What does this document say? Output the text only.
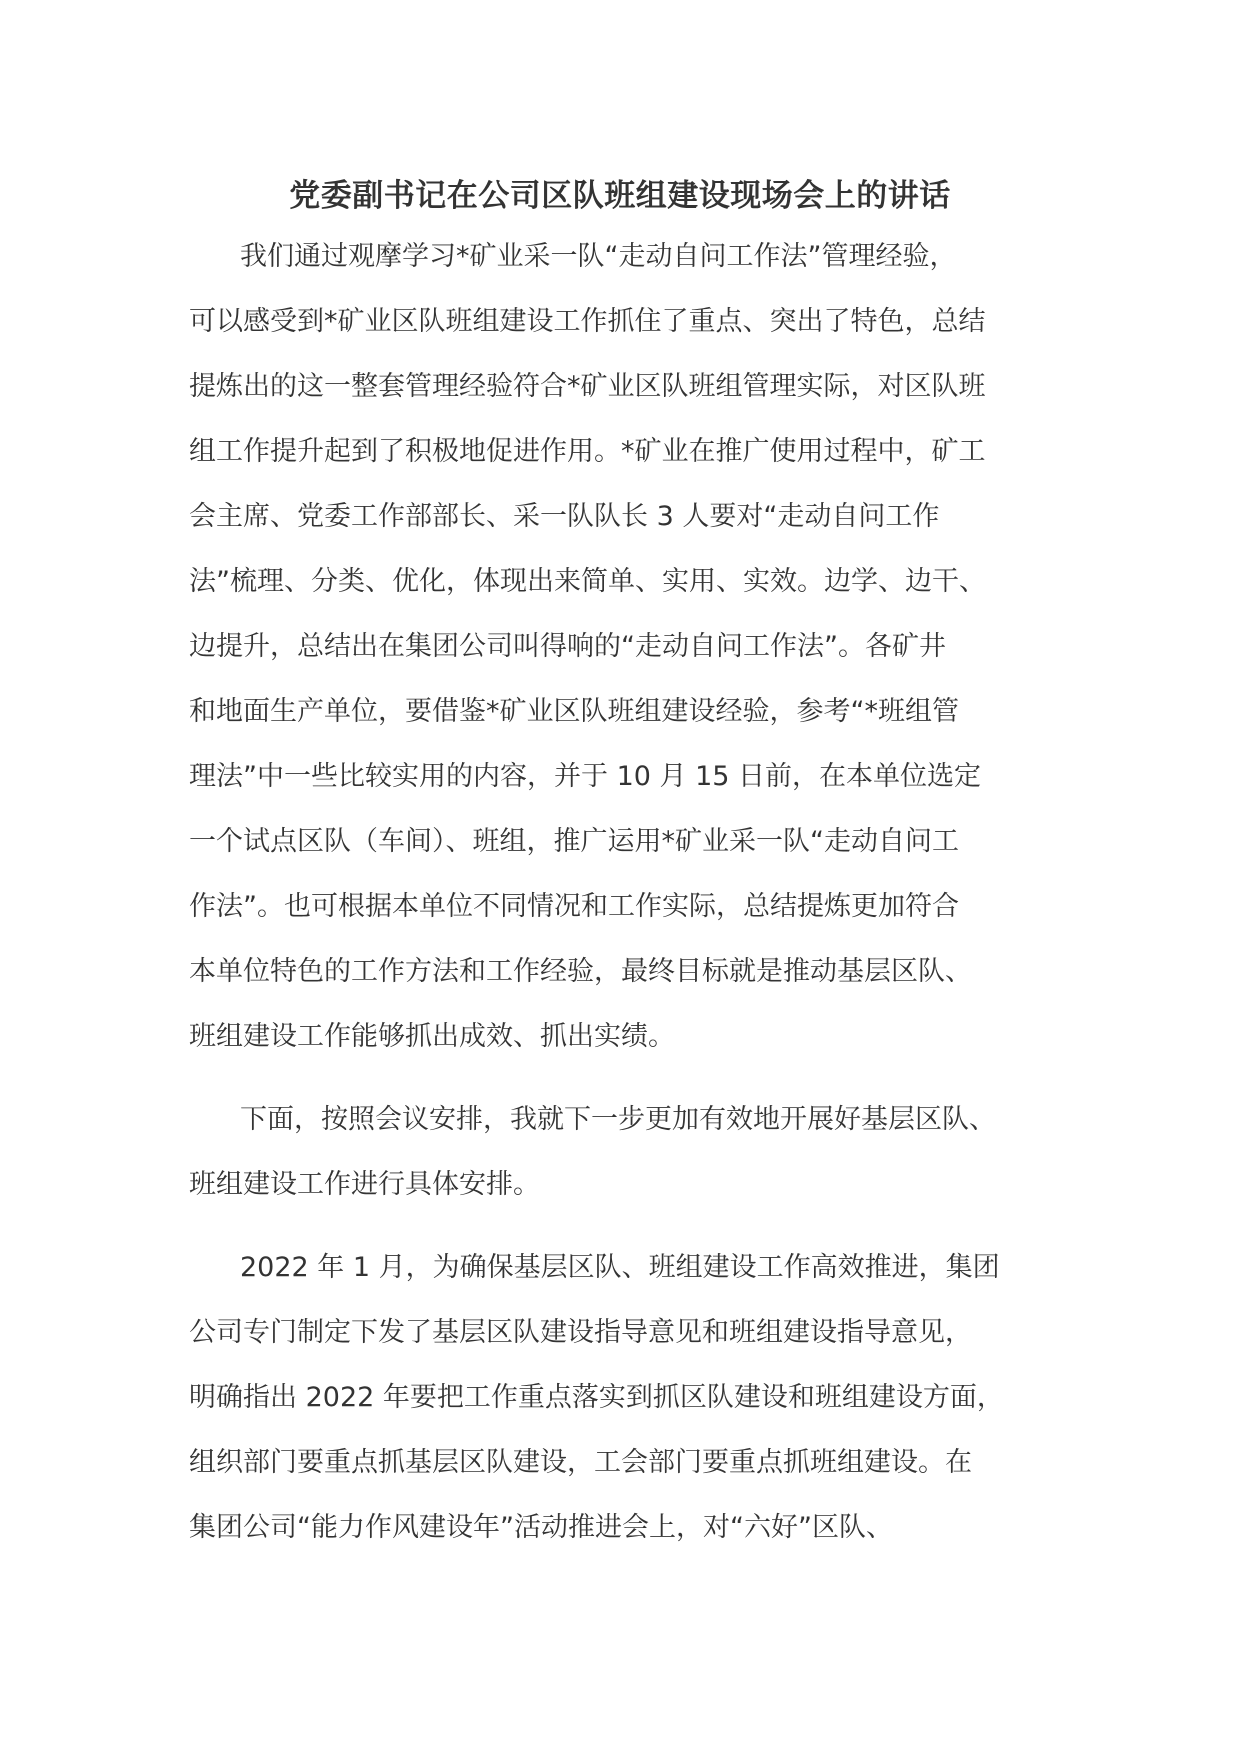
党委副书记在公司区队班组建设现场会上的讲话

我们通过观摩学习*矿业采一队“走动自问工作法”管理经验，
可以感受到*矿业区队班组建设工作抓住了重点、突出了特色，总结
提炼出的这一整套管理经验符合*矿业区队班组管理实际，对区队班
组工作提升起到了积极地促进作用。*矿业在推广使用过程中，矿工
会主席、党委工作部部长、采一队队长 3 人要对“走动自问工作
法”梳理、分类、优化，体现出来简单、实用、实效。边学、边干、
边提升，总结出在集团公司叫得响的“走动自问工作法”。各矿井
和地面生产单位，要借鉴*矿业区队班组建设经验，参考“*班组管
理法”中一些比较实用的内容，并于 10 月 15 日前，在本单位选定
一个试点区队（车间）、班组，推广运用*矿业采一队“走动自问工
作法”。也可根据本单位不同情况和工作实际，总结提炼更加符合
本单位特色的工作方法和工作经验，最终目标就是推动基层区队、
班组建设工作能够抓出成效、抓出实绩。

下面，按照会议安排，我就下一步更加有效地开展好基层区队、
班组建设工作进行具体安排。

2022 年 1 月，为确保基层区队、班组建设工作高效推进，集团
公司专门制定下发了基层区队建设指导意见和班组建设指导意见，
明确指出 2022 年要把工作重点落实到抓区队建设和班组建设方面，
组织部门要重点抓基层区队建设，工会部门要重点抓班组建设。在
集团公司“能力作风建设年”活动推进会上，对“六好”区队、
